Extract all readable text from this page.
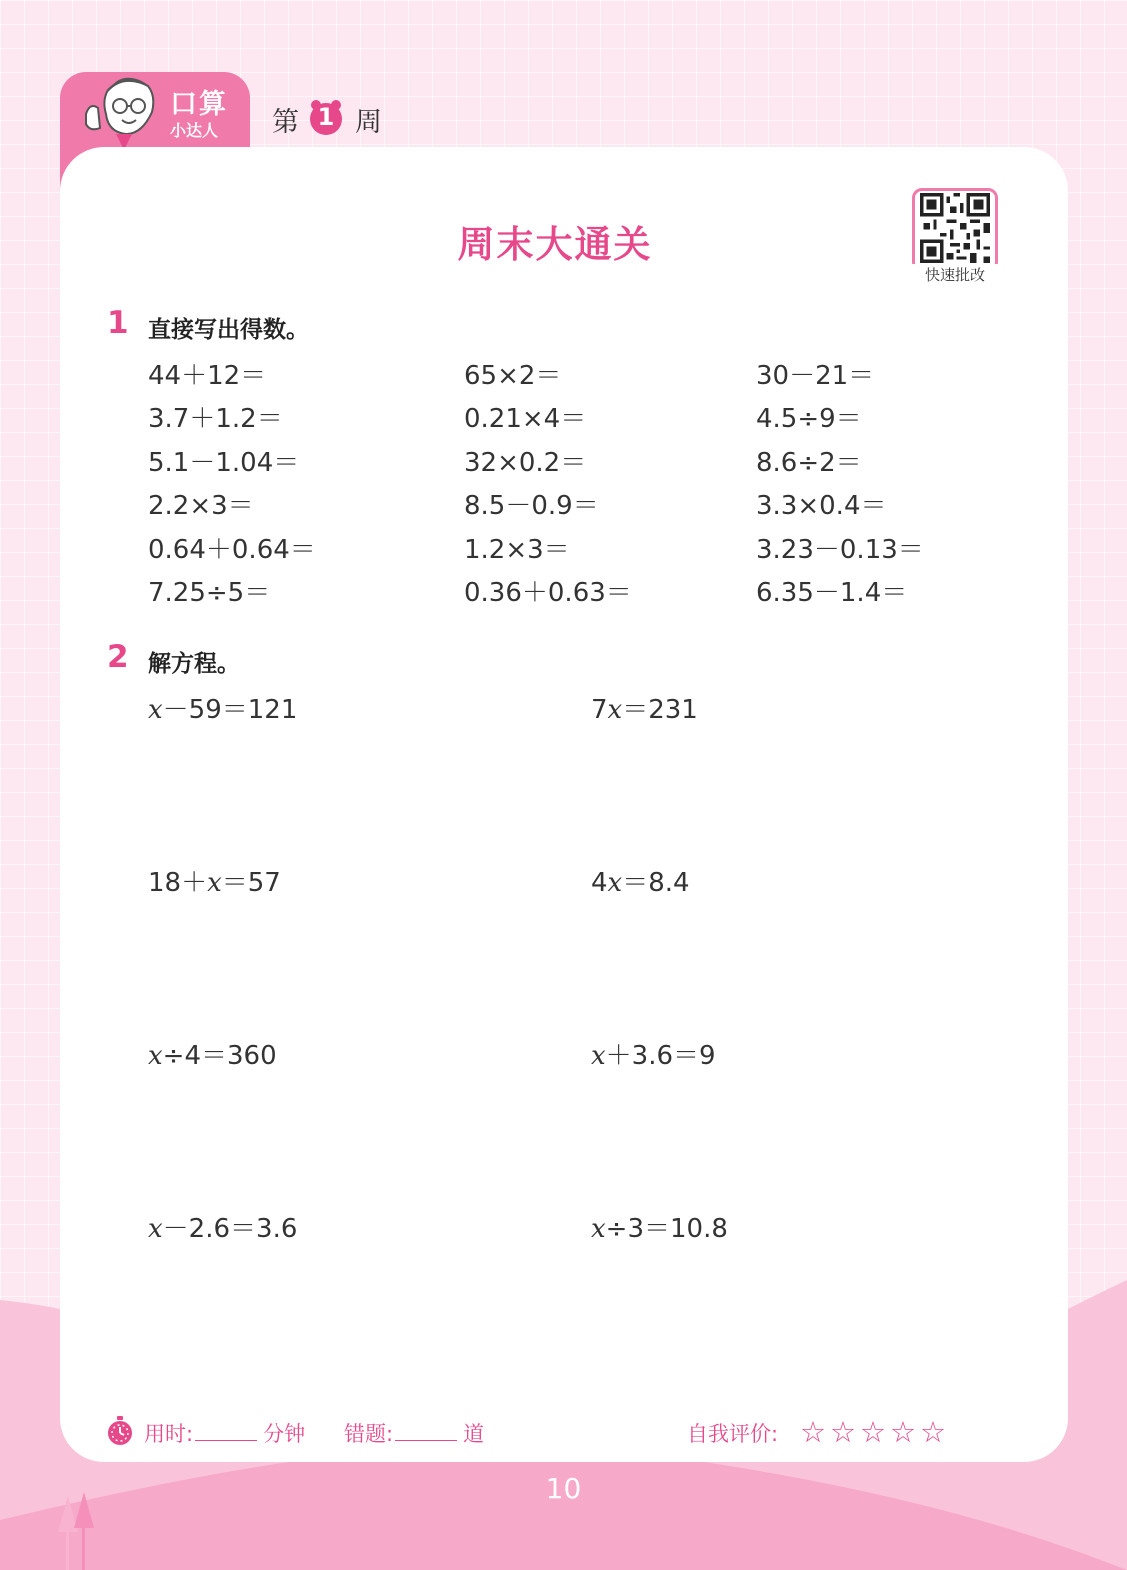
口算
小达人 第 1 周
周末大通关
快速批改
1 直接写出得数。
44＋12＝	65×2＝	30－21＝
3.7＋1.2＝	0.21×4＝	4.5÷9＝
5.1－1.04＝	32×0.2＝	8.6÷2＝
2.2×3＝	8.5－0.9＝	3.3×0.4＝
0.64＋0.64＝	1.2×3＝	3.23－0.13＝
7.25÷5＝	0.36＋0.63＝	6.35－1.4＝
2 解方程。
x－59＝121	7x＝231
18＋x＝57	4x＝8.4
x÷4＝360	x＋3.6＝9
x－2.6＝3.6	x÷3＝10.8
用时:	分钟 错题:	道	自我评价: ☆☆☆☆☆
10
